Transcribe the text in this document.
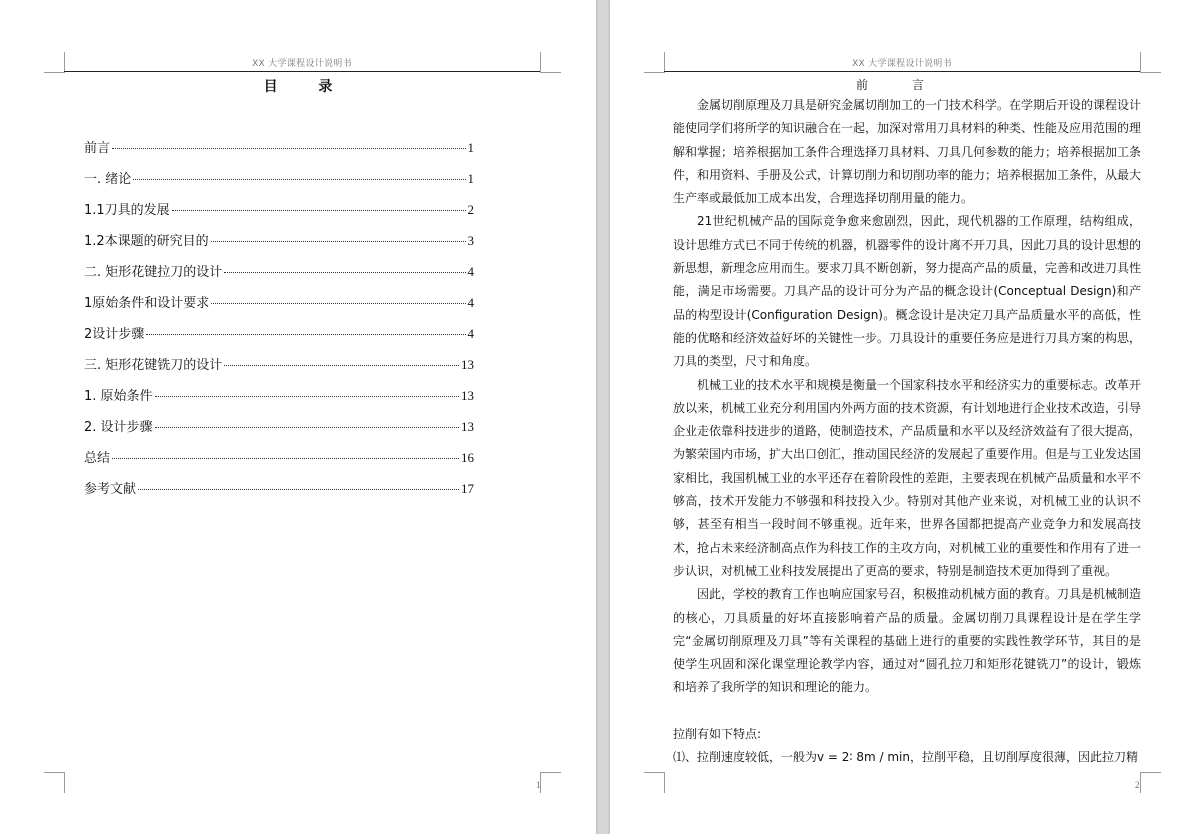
XX 大学课程设计说明书
目 录
前言	1
一. 绪论	1
1.1刀具的发展	2
1.2本课题的研究目的	3
二. 矩形花键拉刀的设计	4
1原始条件和设计要求	4
2设计步骤	4
三. 矩形花键铣刀的设计	13
1. 原始条件	13
2. 设计步骤	13
总结	16
参考文献	17
1
XX 大学课程设计说明书
2
前言

金属切削原理及刀具是研究金属切削加工的一门技术科学。在学期后开设的课程设计能使同学们将所学的知识融合在一起，加深对常用刀具材料的种类、性能及应用范围的理解和掌握；培养根据加工条件合理选择刀具材料、刀具几何参数的能力；培养根据加工条件，和用资料、手册及公式，计算切削力和切削功率的能力；培养根据加工条件，从最大生产率或最低加工成本出发，合理选择切削用量的能力。

21世纪机械产品的国际竞争愈来愈剧烈，因此，现代机器的工作原理，结构组成，设计思维方式已不同于传统的机器，机器零件的设计离不开刀具，因此刀具的设计思想的新思想，新理念应用而生。要求刀具不断创新，努力提高产品的质量，完善和改进刀具性能，满足市场需要。刀具产品的设计可分为产品的概念设计(Conceptual Design)和产品的构型设计(Configuration Design)。概念设计是决定刀具产品质量水平的高低，性能的优略和经济效益好坏的关键性一步。刀具设计的重要任务应是进行刀具方案的构思，刀具的类型，尺寸和角度。

机械工业的技术水平和规模是衡量一个国家科技水平和经济实力的重要标志。改革开放以来，机械工业充分利用国内外两方面的技术资源，有计划地进行企业技术改造，引导企业走依靠科技进步的道路，使制造技术，产品质量和水平以及经济效益有了很大提高，为繁荣国内市场，扩大出口创汇，推动国民经济的发展起了重要作用。但是与工业发达国家相比，我国机械工业的水平还存在着阶段性的差距，主要表现在机械产品质量和水平不够高，技术开发能力不够强和科技投入少。特别对其他产业来说，对机械工业的认识不够，甚至有相当一段时间不够重视。近年来，世界各国都把提高产业竞争力和发展高技术，抢占未来经济制高点作为科技工作的主攻方向，对机械工业的重要性和作用有了进一步认识，对机械工业科技发展提出了更高的要求，特别是制造技术更加得到了重视。

因此，学校的教育工作也响应国家号召，积极推动机械方面的教育。刀具是机械制造的核心，刀具质量的好坏直接影响着产品的质量。金属切削刀具课程设计是在学生学完“金属切削原理及刀具”等有关课程的基础上进行的重要的实践性教学环节，其目的是使学生巩固和深化课堂理论教学内容，通过对“圆孔拉刀和矩形花键铣刀”的设计，锻炼和培养了我所学的知识和理论的能力。

拉削有如下特点:

⑴、拉削速度较低，一般为v = 2∶ 8m / min，拉削平稳，且切削厚度很薄，因此拉刀精
